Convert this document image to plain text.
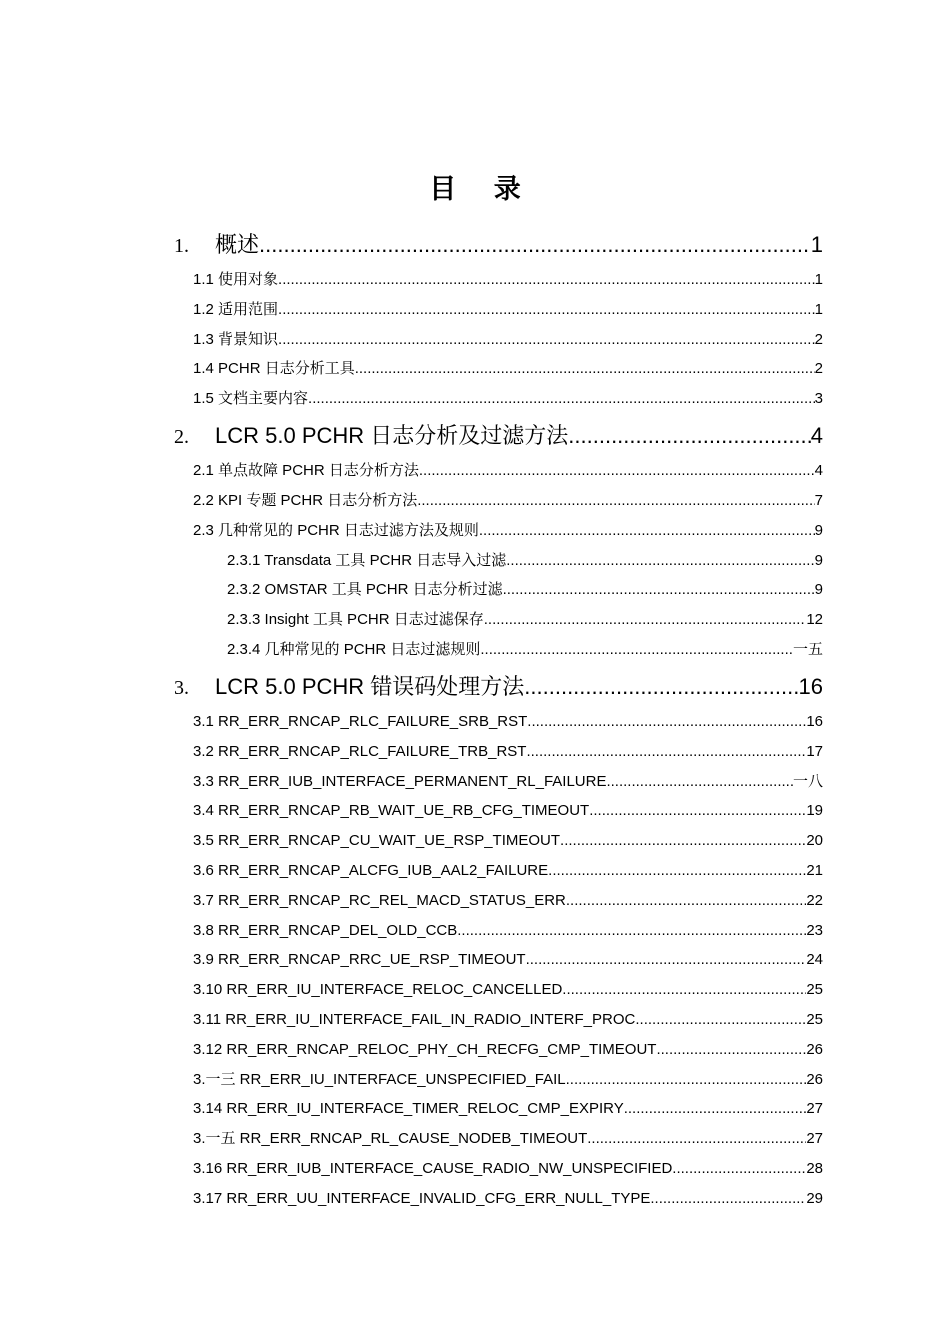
目 录
1.	概述 .....	1
1.1 使用对象 .....	1
1.2 适用范围 .....	1
1.3 背景知识 .....	2
1.4 PCHR 日志分析工具 .....	2
1.5 文档主要内容 .....	3
2.	LCR 5.0 PCHR 日志分析及过滤方法 .....	4
2.1 单点故障 PCHR 日志分析方法 .....	4
2.2 KPI 专题 PCHR 日志分析方法 .....	7
2.3 几种常见的 PCHR 日志过滤方法及规则 .....	9
2.3.1 Transdata 工具 PCHR 日志导入过滤 .....	9
2.3.2 OMSTAR 工具 PCHR 日志分析过滤 .....	9
2.3.3 Insight 工具 PCHR 日志过滤保存 .....	12
2.3.4 几种常见的 PCHR 日志过滤规则 .....	一五
3.	LCR 5.0 PCHR 错误码处理方法 .....	16
3.1 RR_ERR_RNCAP_RLC_FAILURE_SRB_RST .....	16
3.2 RR_ERR_RNCAP_RLC_FAILURE_TRB_RST .....	17
3.3 RR_ERR_IUB_INTERFACE_PERMANENT_RL_FAILURE .....	一八
3.4 RR_ERR_RNCAP_RB_WAIT_UE_RB_CFG_TIMEOUT .....	19
3.5 RR_ERR_RNCAP_CU_WAIT_UE_RSP_TIMEOUT .....	20
3.6 RR_ERR_RNCAP_ALCFG_IUB_AAL2_FAILURE .....	21
3.7 RR_ERR_RNCAP_RC_REL_MACD_STATUS_ERR .....	22
3.8 RR_ERR_RNCAP_DEL_OLD_CCB .....	23
3.9 RR_ERR_RNCAP_RRC_UE_RSP_TIMEOUT .....	24
3.10 RR_ERR_IU_INTERFACE_RELOC_CANCELLED .....	25
3.11 RR_ERR_IU_INTERFACE_FAIL_IN_RADIO_INTERF_PROC .....	25
3.12 RR_ERR_RNCAP_RELOC_PHY_CH_RECFG_CMP_TIMEOUT .....	26
3.一三 RR_ERR_IU_INTERFACE_UNSPECIFIED_FAIL .....	26
3.14 RR_ERR_IU_INTERFACE_TIMER_RELOC_CMP_EXPIRY .....	27
3.一五 RR_ERR_RNCAP_RL_CAUSE_NODEB_TIMEOUT .....	27
3.16 RR_ERR_IUB_INTERFACE_CAUSE_RADIO_NW_UNSPECIFIED .....	28
3.17 RR_ERR_UU_INTERFACE_INVALID_CFG_ERR_NULL_TYPE .....	29
